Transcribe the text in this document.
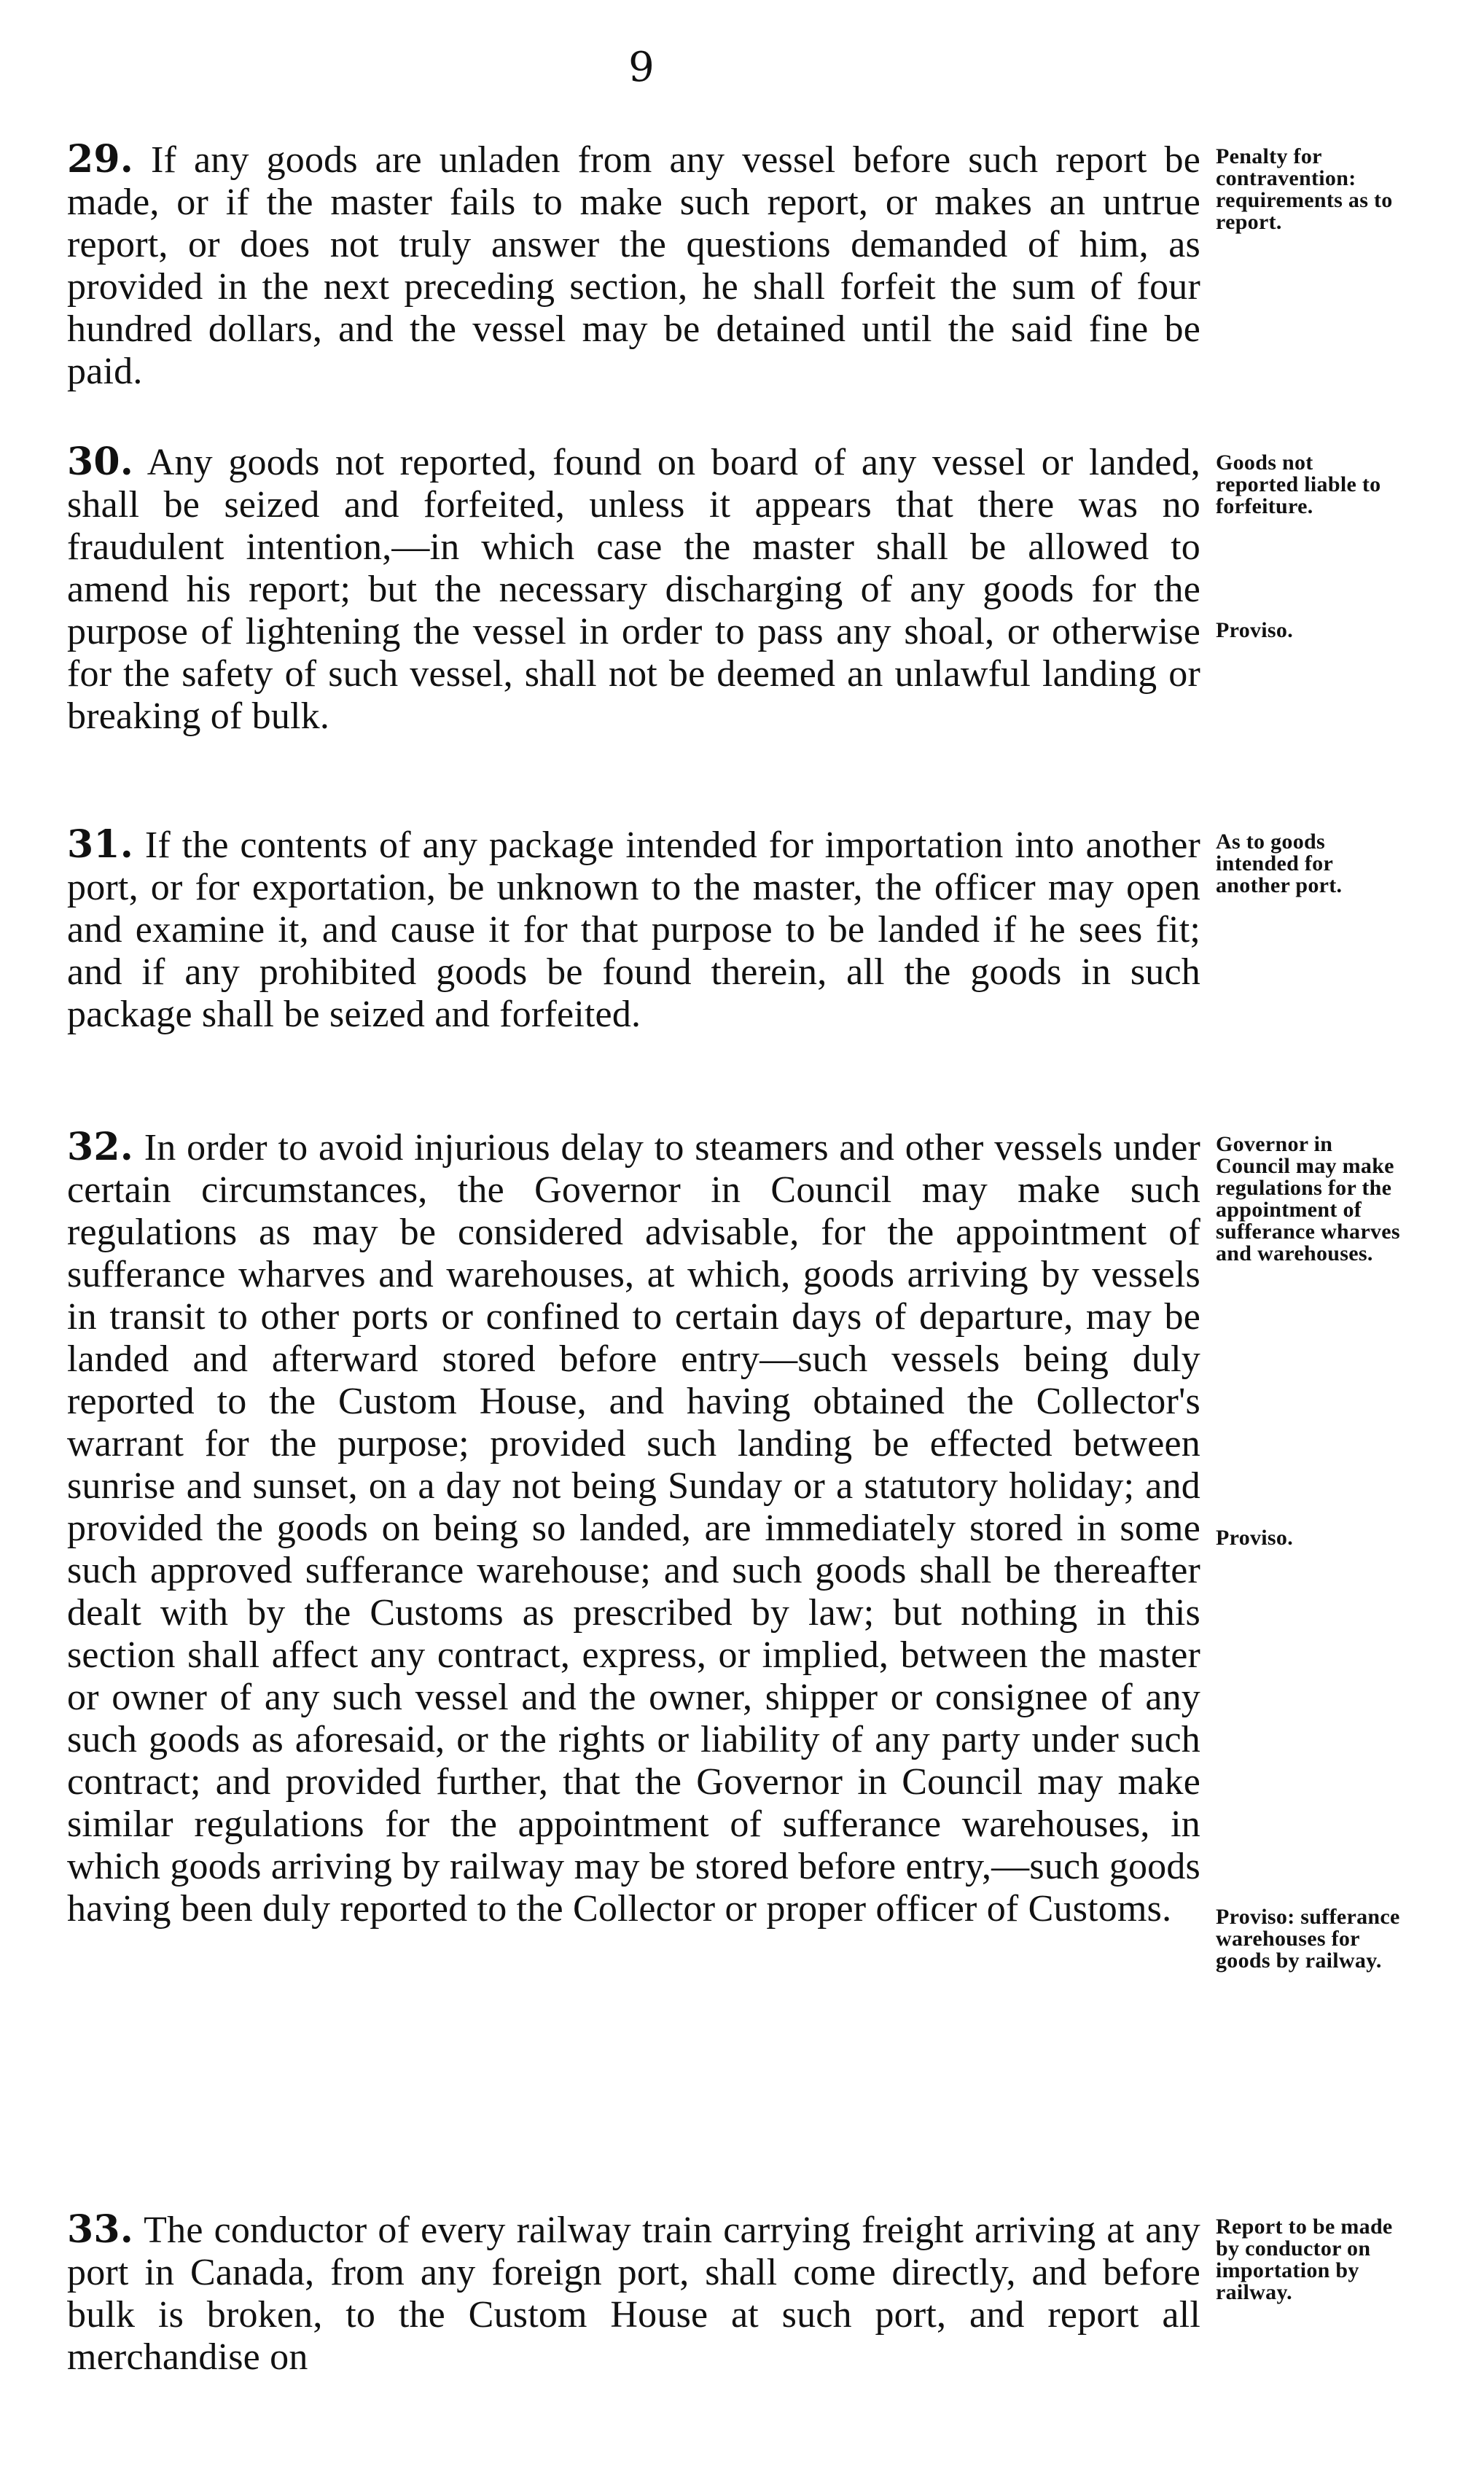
9
29. If any goods are unladen from any vessel before such report be made, or if the master fails to make such report, or makes an untrue report, or does not truly answer the questions demanded of him, as provided in the next preceding section, he shall forfeit the sum of four hundred dollars, and the vessel may be detained until the said fine be paid.
Penalty for contravention: requirements as to report.
30. Any goods not reported, found on board of any vessel or landed, shall be seized and forfeited, unless it appears that there was no fraudulent intention,—in which case the master shall be allowed to amend his report; but the necessary discharging of any goods for the purpose of lightening the vessel in order to pass any shoal, or otherwise for the safety of such vessel, shall not be deemed an unlawful landing or breaking of bulk.
Goods not reported liable to forfeiture.
Proviso.
31. If the contents of any package intended for importation into another port, or for exportation, be unknown to the master, the officer may open and examine it, and cause it for that purpose to be landed if he sees fit; and if any prohibited goods be found therein, all the goods in such package shall be seized and forfeited.
As to goods intended for another port.
32. In order to avoid injurious delay to steamers and other vessels under certain circumstances, the Governor in Council may make such regulations as may be considered advisable, for the appointment of sufferance wharves and warehouses, at which, goods arriving by vessels in transit to other ports or confined to certain days of departure, may be landed and afterward stored before entry—such vessels being duly reported to the Custom House, and having obtained the Collector's warrant for the purpose; provided such landing be effected between sunrise and sunset, on a day not being Sunday or a statutory holiday; and provided the goods on being so landed, are immediately stored in some such approved sufferance warehouse; and such goods shall be thereafter dealt with by the Customs as prescribed by law; but nothing in this section shall affect any contract, express, or implied, between the master or owner of any such vessel and the owner, shipper or consignee of any such goods as aforesaid, or the rights or liability of any party under such contract; and provided further, that the Governor in Council may make similar regulations for the appointment of sufferance warehouses, in which goods arriving by railway may be stored before entry,—such goods having been duly reported to the Collector or proper officer of Customs.
Governor in Council may make regulations for the appointment of sufferance wharves and warehouses.
Proviso.
Proviso: sufferance warehouses for goods by railway.
33. The conductor of every railway train carrying freight arriving at any port in Canada, from any foreign port, shall come directly, and before bulk is broken, to the Custom House at such port, and report all merchandise on
Report to be made by conductor on importation by railway.
